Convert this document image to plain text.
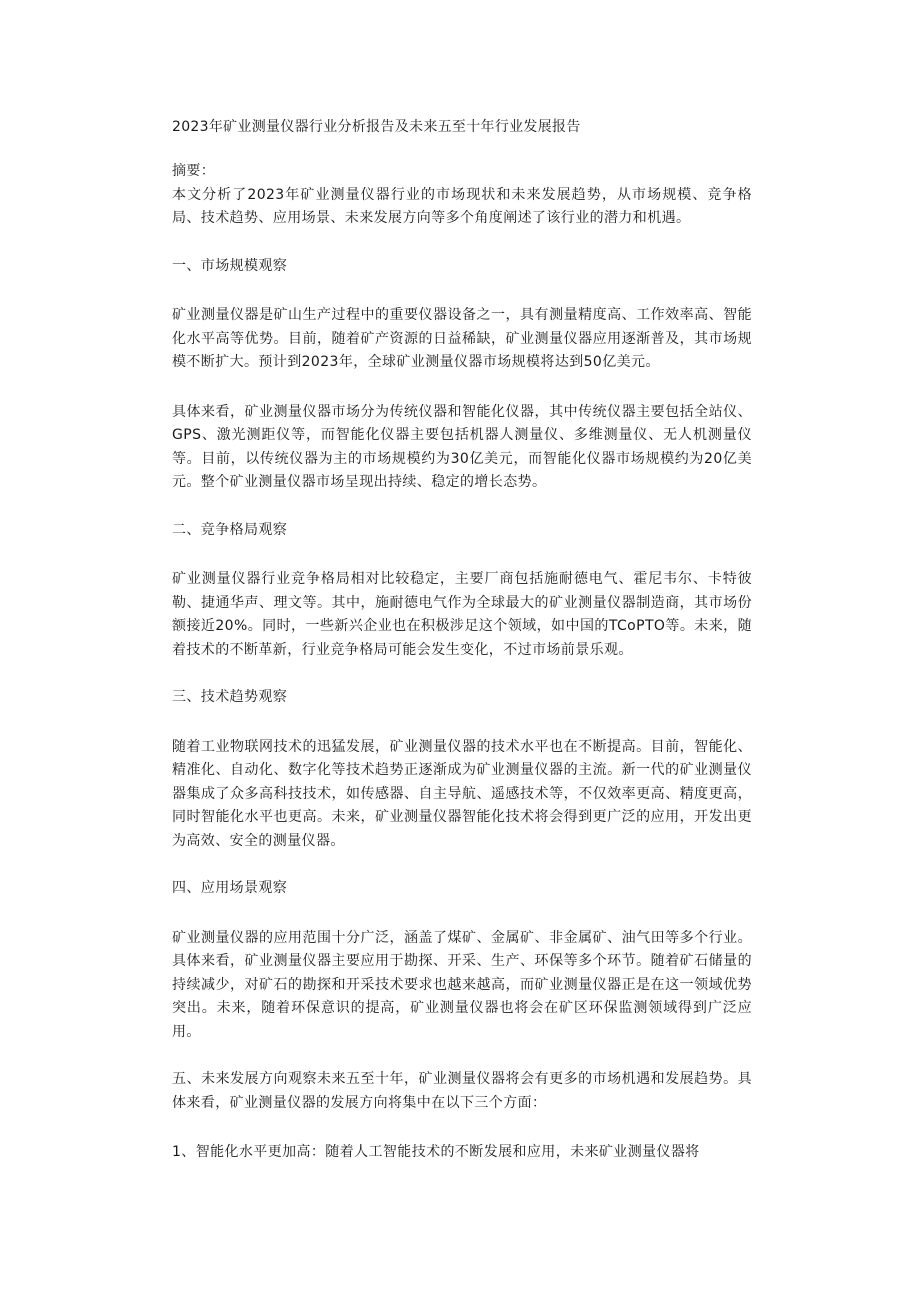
2023年矿业测量仪器行业分析报告及未来五至十年行业发展报告

摘要：

本文分析了2023年矿业测量仪器行业的市场现状和未来发展趋势，从市场规模、竞争格局、技术趋势、应用场景、未来发展方向等多个角度阐述了该行业的潜力和机遇。

一、市场规模观察

矿业测量仪器是矿山生产过程中的重要仪器设备之一，具有测量精度高、工作效率高、智能化水平高等优势。目前，随着矿产资源的日益稀缺，矿业测量仪器应用逐渐普及，其市场规模不断扩大。预计到2023年，全球矿业测量仪器市场规模将达到50亿美元。

具体来看，矿业测量仪器市场分为传统仪器和智能化仪器，其中传统仪器主要包括全站仪、GPS、激光测距仪等，而智能化仪器主要包括机器人测量仪、多维测量仪、无人机测量仪等。目前，以传统仪器为主的市场规模约为30亿美元，而智能化仪器市场规模约为20亿美元。整个矿业测量仪器市场呈现出持续、稳定的增长态势。

二、竞争格局观察

矿业测量仪器行业竞争格局相对比较稳定，主要厂商包括施耐德电气、霍尼韦尔、卡特彼勒、捷通华声、理文等。其中，施耐德电气作为全球最大的矿业测量仪器制造商，其市场份额接近20%。同时，一些新兴企业也在积极涉足这个领域，如中国的TCoPTO等。未来，随着技术的不断革新，行业竞争格局可能会发生变化，不过市场前景乐观。

三、技术趋势观察

随着工业物联网技术的迅猛发展，矿业测量仪器的技术水平也在不断提高。目前，智能化、精准化、自动化、数字化等技术趋势正逐渐成为矿业测量仪器的主流。新一代的矿业测量仪器集成了众多高科技技术，如传感器、自主导航、遥感技术等，不仅效率更高、精度更高，同时智能化水平也更高。未来，矿业测量仪器智能化技术将会得到更广泛的应用，开发出更为高效、安全的测量仪器。

四、应用场景观察

矿业测量仪器的应用范围十分广泛，涵盖了煤矿、金属矿、非金属矿、油气田等多个行业。具体来看，矿业测量仪器主要应用于勘探、开采、生产、环保等多个环节。随着矿石储量的持续减少，对矿石的勘探和开采技术要求也越来越高，而矿业测量仪器正是在这一领域优势突出。未来，随着环保意识的提高，矿业测量仪器也将会在矿区环保监测领域得到广泛应用。

五、未来发展方向观察未来五至十年，矿业测量仪器将会有更多的市场机遇和发展趋势。具体来看，矿业测量仪器的发展方向将集中在以下三个方面：

1、智能化水平更加高：随着人工智能技术的不断发展和应用，未来矿业测量仪器将
